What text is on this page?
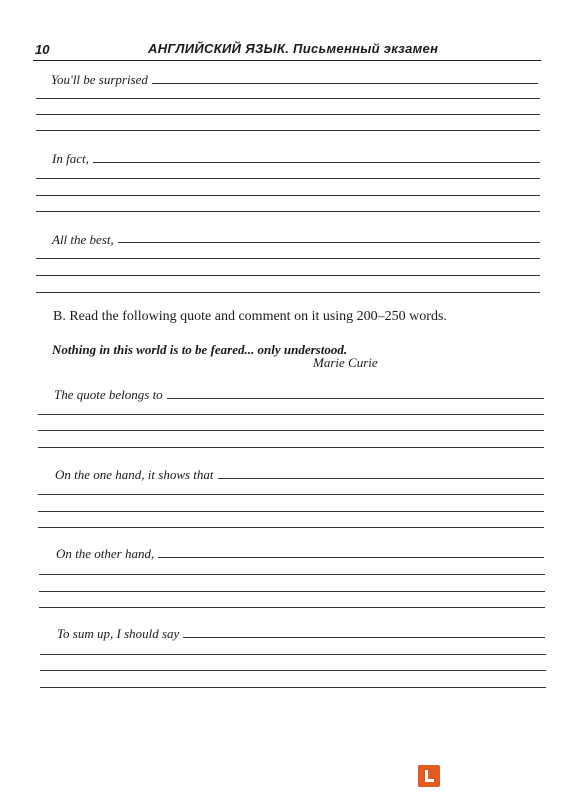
10	АНГЛИЙСКИЙ ЯЗЫК. Письменный экзамен
You'll be surprised
In fact,
All the best,
B. Read the following quote and comment on it using 200–250 words.
Nothing in this world is to be feared... only understood.
Marie Curie
The quote belongs to
On the one hand, it shows that
On the other hand,
To sum up, I should say
